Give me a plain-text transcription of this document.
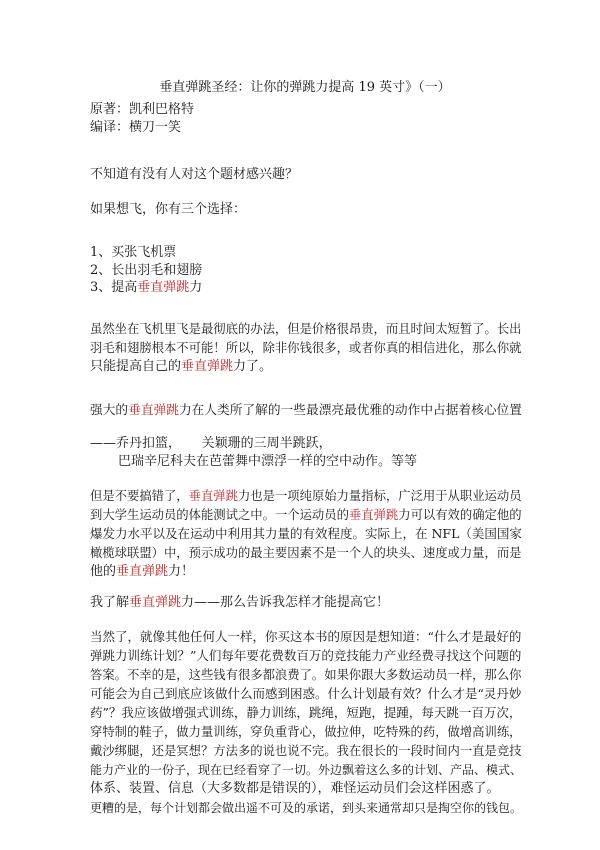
垂直弹跳圣经：让你的弹跳力提高 19 英寸》（一）
原著：凯利巴格特
编译：横刀一笑
不知道有没有人对这个题材感兴趣？
如果想飞，你有三个选择：
1、买张飞机票
2、长出羽毛和翅膀
3、提高垂直弹跳力
虽然坐在飞机里飞是最彻底的办法，但是价格很昂贵，而且时间太短暂了。长出
羽毛和翅膀根本不可能！所以，除非你钱很多，或者你真的相信进化，那么你就
只能提高自己的垂直弹跳力了。
强大的垂直弹跳力在人类所了解的一些最漂亮最优雅的动作中占据着核心位置
——乔丹扣篮，     关颖珊的三周半跳跃，
巴瑞辛尼科夫在芭蕾舞中漂浮一样的空中动作。等等
但是不要搞错了，垂直弹跳力也是一项纯原始力量指标，广泛用于从职业运动员
到大学生运动员的体能测试之中。一个运动员的垂直弹跳力可以有效的确定他的
爆发力水平以及在运动中利用其力量的有效程度。实际上，在 NFL（美国国家
橄榄球联盟）中，预示成功的最主要因素不是一个人的块头、速度或力量，而是
他的垂直弹跳力！
我了解垂直弹跳力——那么告诉我怎样才能提高它！
当然了，就像其他任何人一样，你买这本书的原因是想知道：“什么才是最好的
弹跳力训练计划？”人们每年要花费数百万的竞技能力产业经费寻找这个问题的
答案。不幸的是，这些钱有很多都浪费了。如果你跟大多数运动员一样，那么你
可能会为自己到底应该做什么而感到困惑。什么计划最有效？什么才是“灵丹妙
药”？我应该做增强式训练，静力训练，跳绳，短跑，提踵，每天跳一百万次，
穿特制的鞋子，做力量训练，穿负重背心，做拉伸，吃特殊的药，做增高训练，
戴沙绑腿，还是冥想？方法多的说也说不完。我在很长的一段时间内一直是竞技
能力产业的一份子，现在已经看穿了一切。外边飘着这么多的计划、产品、模式、
体系、装置、信息（大多数都是错误的），难怪运动员们会这样困惑了。
更糟的是，每个计划都会做出遥不可及的承诺，到头来通常却只是掏空你的钱包。
